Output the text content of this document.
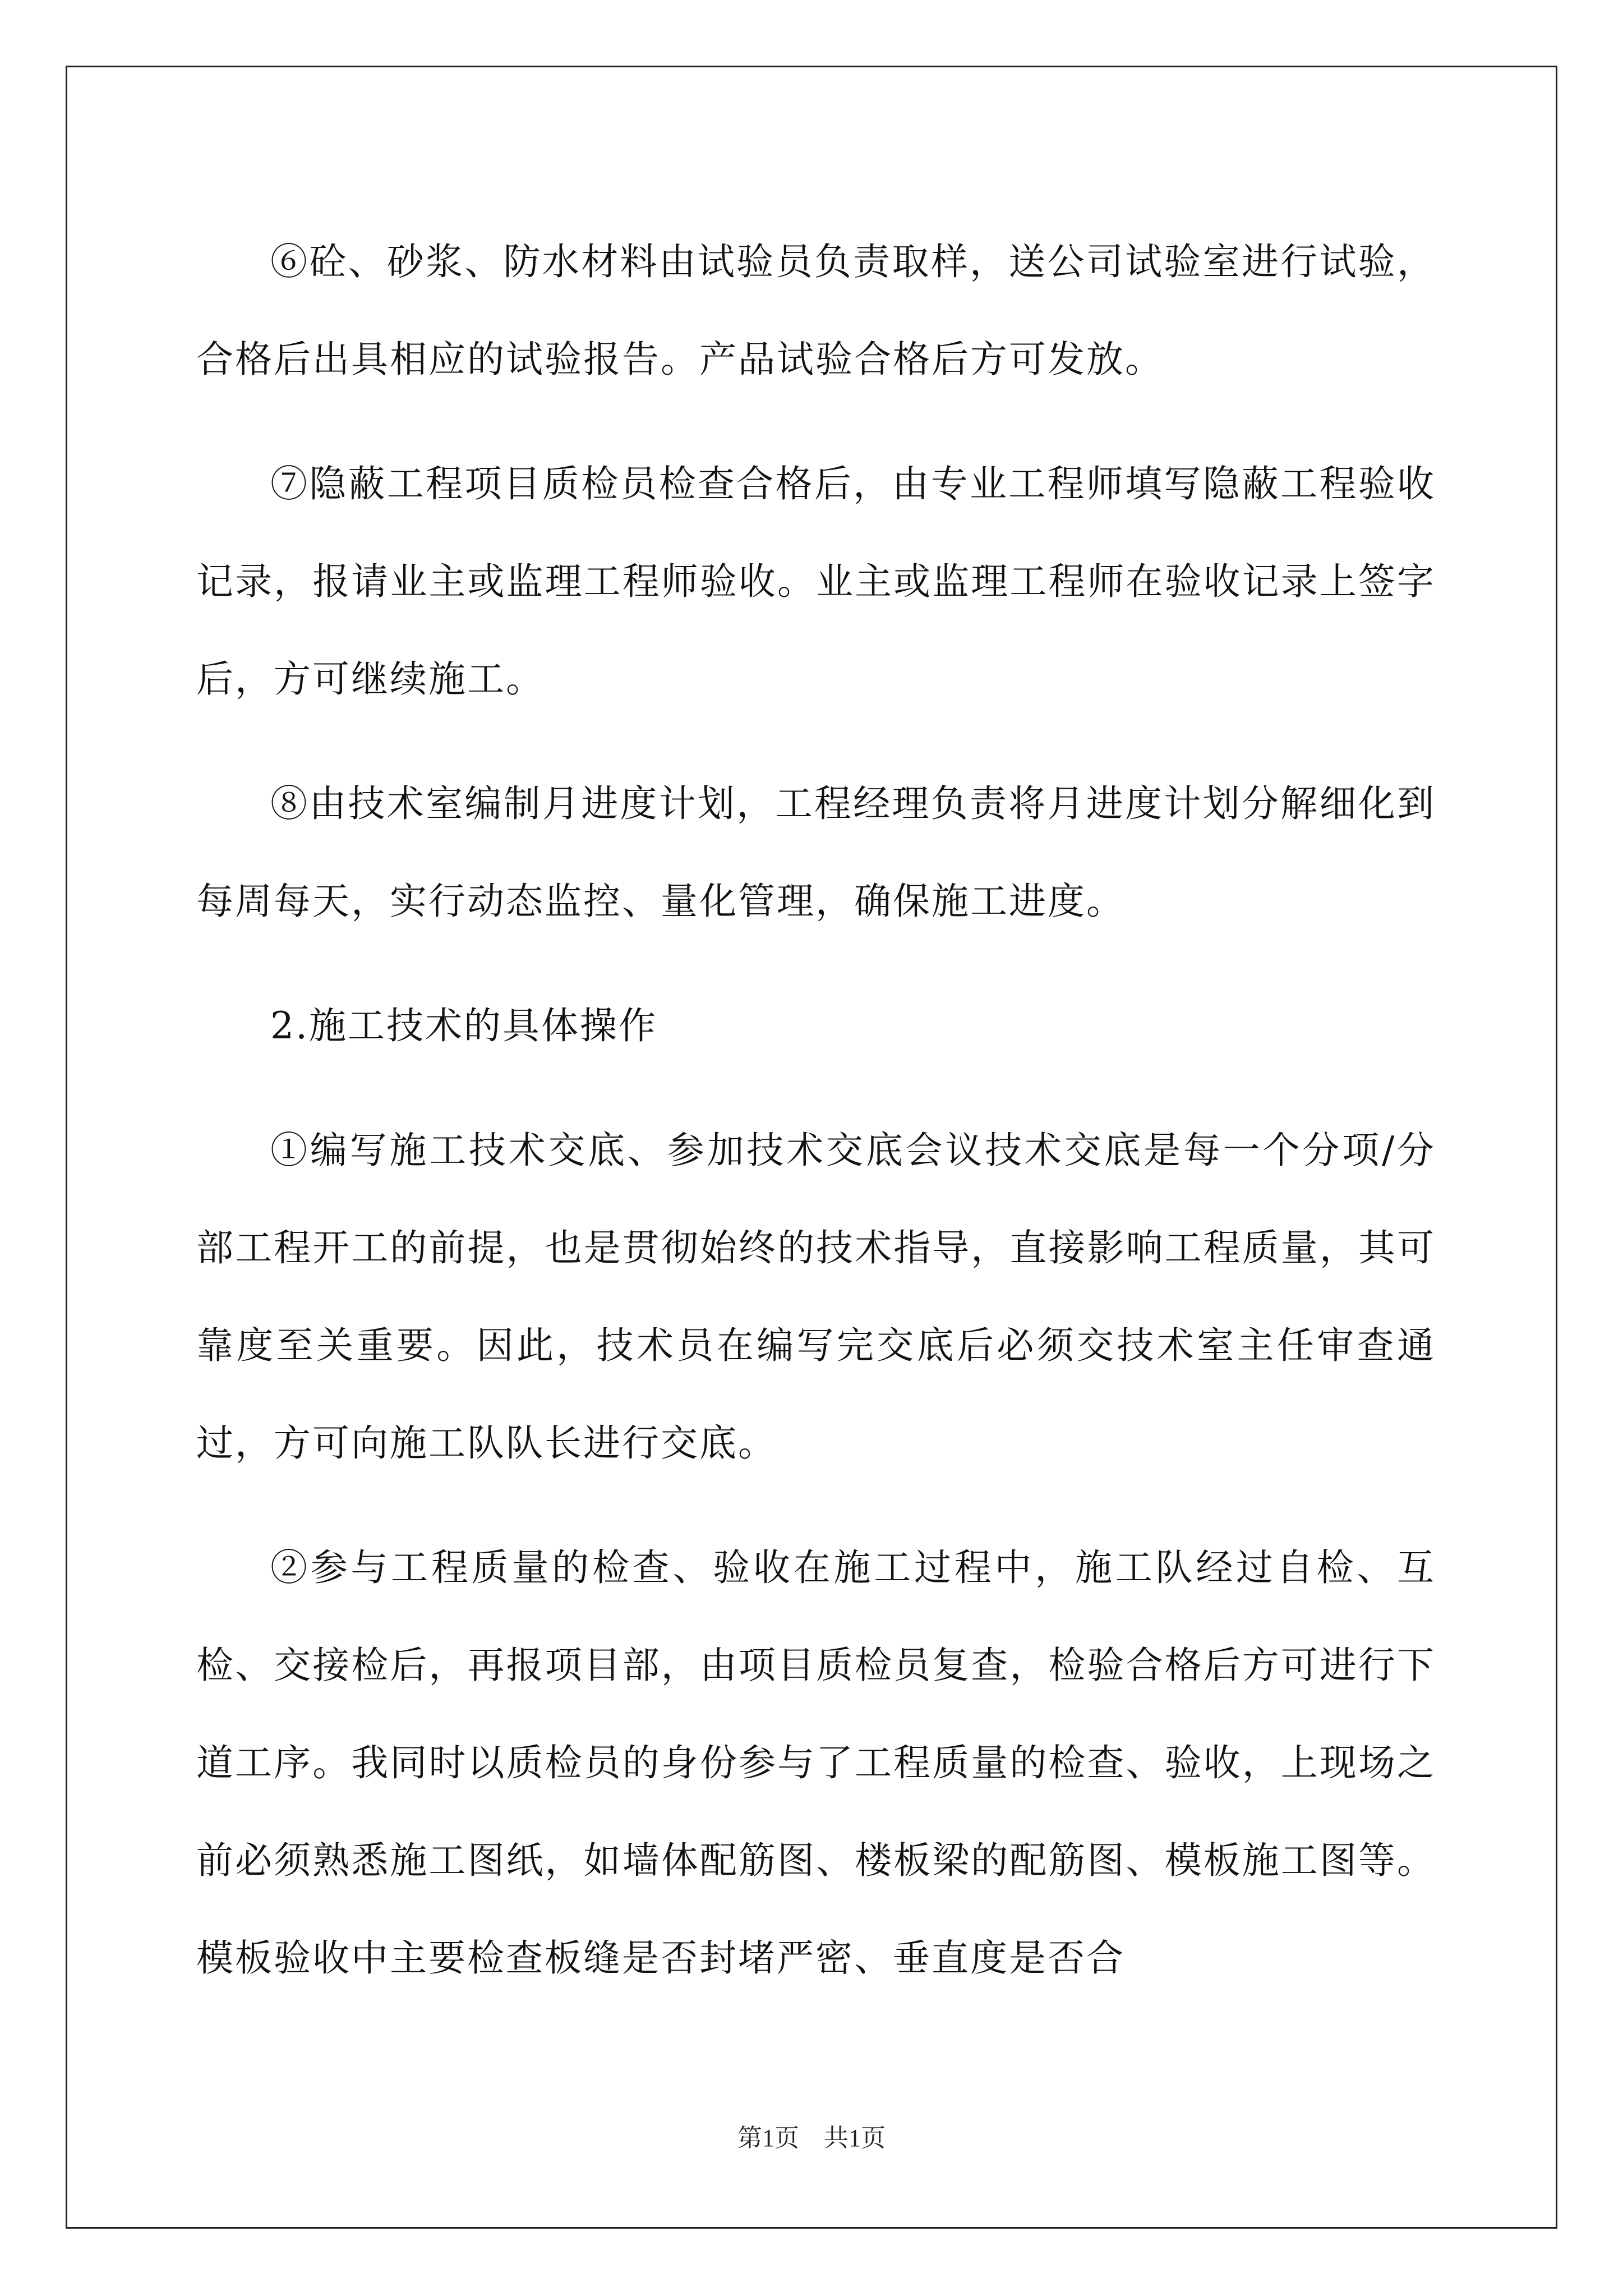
⑥砼、砂浆、防水材料由试验员负责取样，送公司试验室进行试验，合格后出具相应的试验报告。产品试验合格后方可发放。

⑦隐蔽工程项目质检员检查合格后，由专业工程师填写隐蔽工程验收记录，报请业主或监理工程师验收。业主或监理工程师在验收记录上签字后，方可继续施工。

⑧由技术室编制月进度计划，工程经理负责将月进度计划分解细化到每周每天，实行动态监控、量化管理，确保施工进度。

2.施工技术的具体操作

①编写施工技术交底、参加技术交底会议技术交底是每一个分项/分部工程开工的前提，也是贯彻始终的技术指导，直接影响工程质量，其可靠度至关重要。因此，技术员在编写完交底后必须交技术室主任审查通过，方可向施工队队长进行交底。

②参与工程质量的检查、验收在施工过程中，施工队经过自检、互检、交接检后，再报项目部，由项目质检员复查，检验合格后方可进行下道工序。我同时以质检员的身份参与了工程质量的检查、验收，上现场之前必须熟悉施工图纸，如墙体配筋图、楼板梁的配筋图、模板施工图等。模板验收中主要检查板缝是否封堵严密、垂直度是否合

第1页　共1页
